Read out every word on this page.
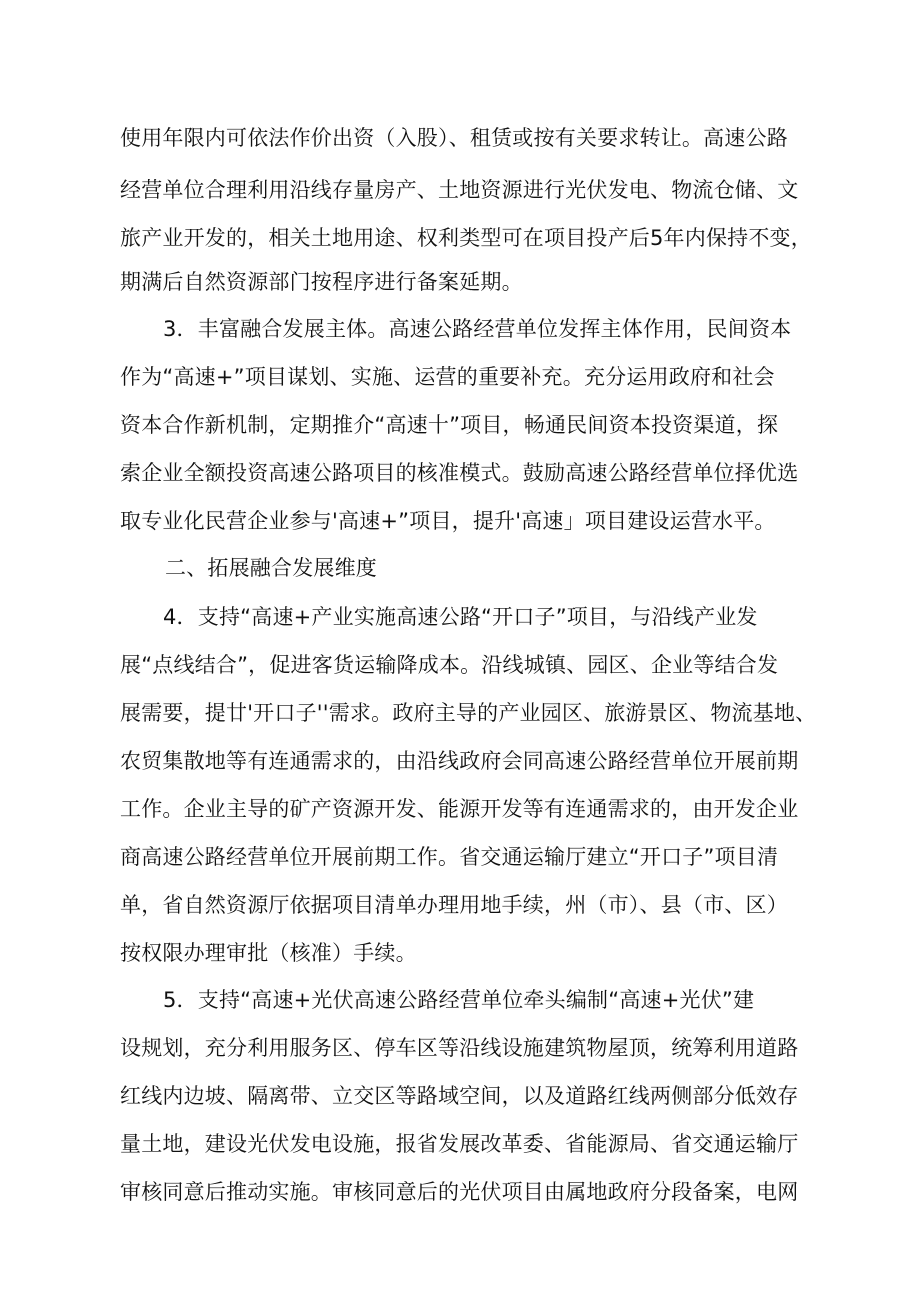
使用年限内可依法作价出资（入股）、租赁或按有关要求转让。高速公路
经营单位合理利用沿线存量房产、土地资源进行光伏发电、物流仓储、文
旅产业开发的，相关土地用途、权利类型可在项目投产后5年内保持不变，
期满后自然资源部门按程序进行备案延期。
3．丰富融合发展主体。高速公路经营单位发挥主体作用，民间资本
作为“高速+”项目谋划、实施、运营的重要补充。充分运用政府和社会
资本合作新机制，定期推介“高速十”项目，畅通民间资本投资渠道，探
索企业全额投资高速公路项目的核准模式。鼓励高速公路经营单位择优选
取专业化民营企业参与'高速+”项目，提升'高速」项目建设运营水平。
二、拓展融合发展维度
4．支持“高速+产业实施高速公路“开口子”项目，与沿线产业发
展“点线结合”，促进客货运输降成本。沿线城镇、园区、企业等结合发
展需要，提廿'开口子''需求。政府主导的产业园区、旅游景区、物流基地、
农贸集散地等有连通需求的，由沿线政府会同高速公路经营单位开展前期
工作。企业主导的矿产资源开发、能源开发等有连通需求的，由开发企业
商高速公路经营单位开展前期工作。省交通运输厅建立“开口子”项目清
单，省自然资源厅依据项目清单办理用地手续，州（市）、县（市、区）
按权限办理审批（核准）手续。
5．支持“高速+光伏高速公路经营单位牵头编制“高速+光伏”建
设规划，充分利用服务区、停车区等沿线设施建筑物屋顶，统筹利用道路
红线内边坡、隔离带、立交区等路域空间，以及道路红线两侧部分低效存
量土地，建设光伏发电设施，报省发展改革委、省能源局、省交通运输厅
审核同意后推动实施。审核同意后的光伏项目由属地政府分段备案，电网
